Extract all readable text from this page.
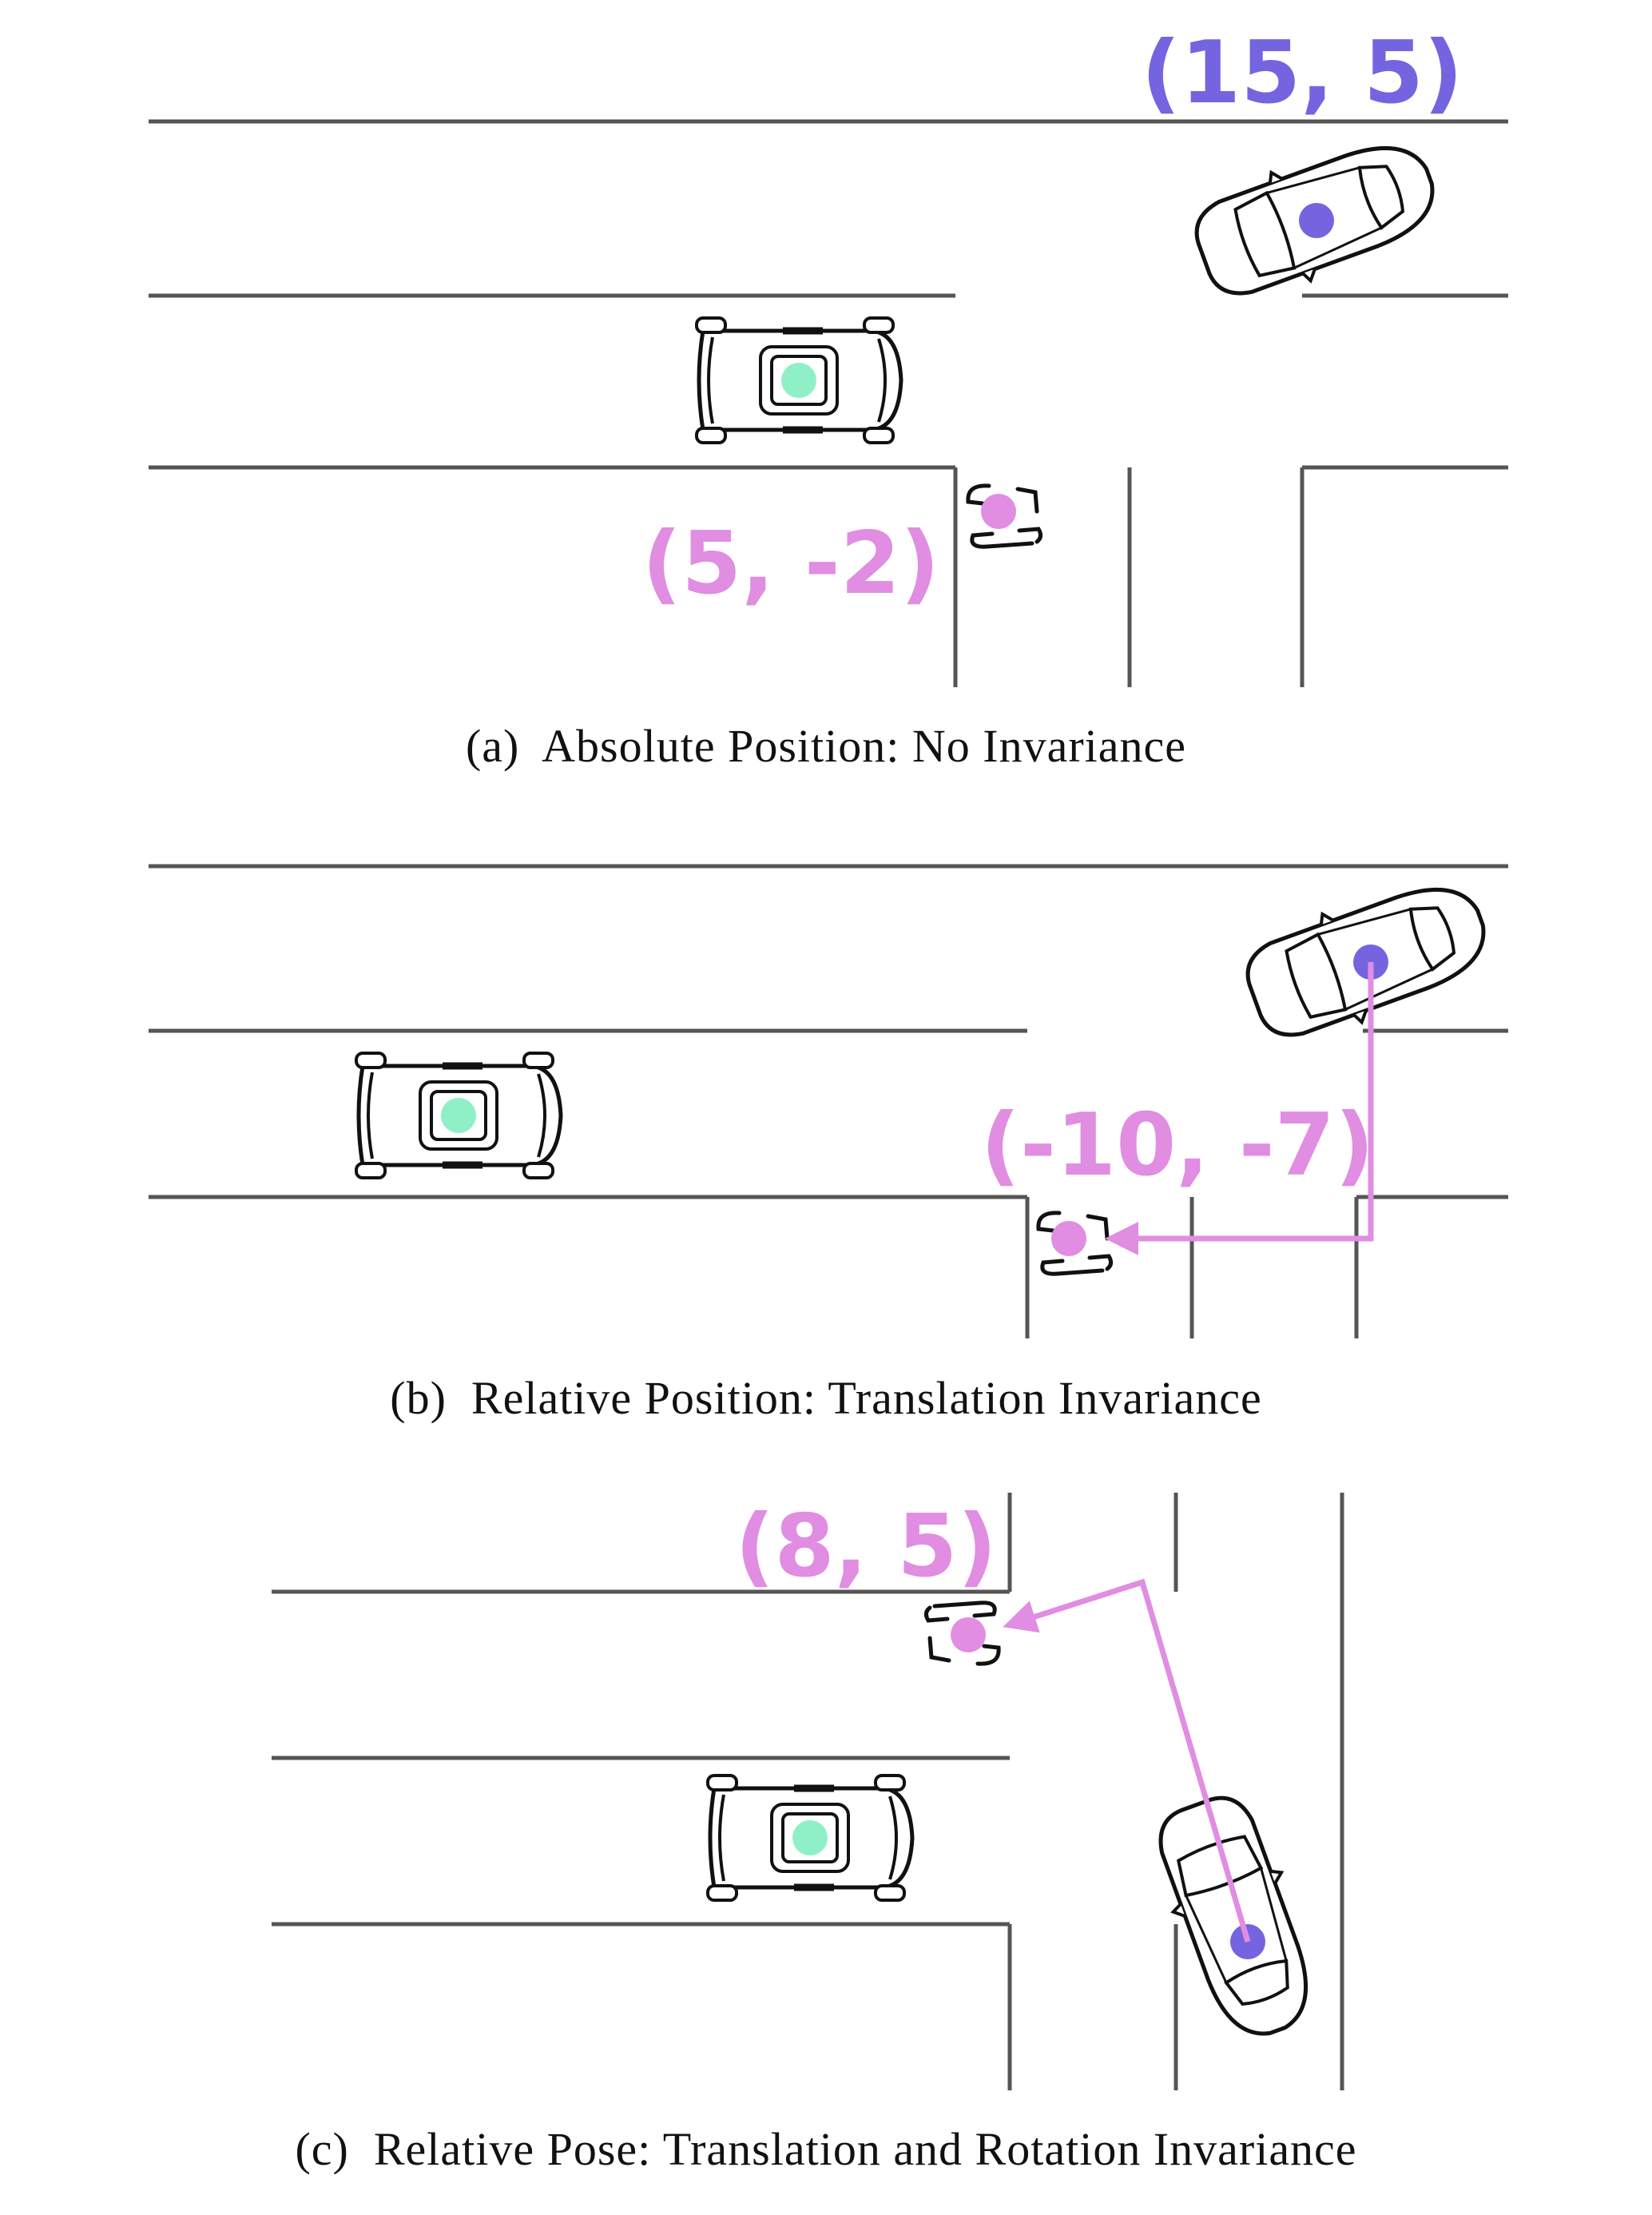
(15, 5)
(5, -2)
(-10, -7)
(8, 5)
(a) Absolute Position: No Invariance
(b) Relative Position: Translation Invariance
(c) Relative Pose: Translation and Rotation Invariance
